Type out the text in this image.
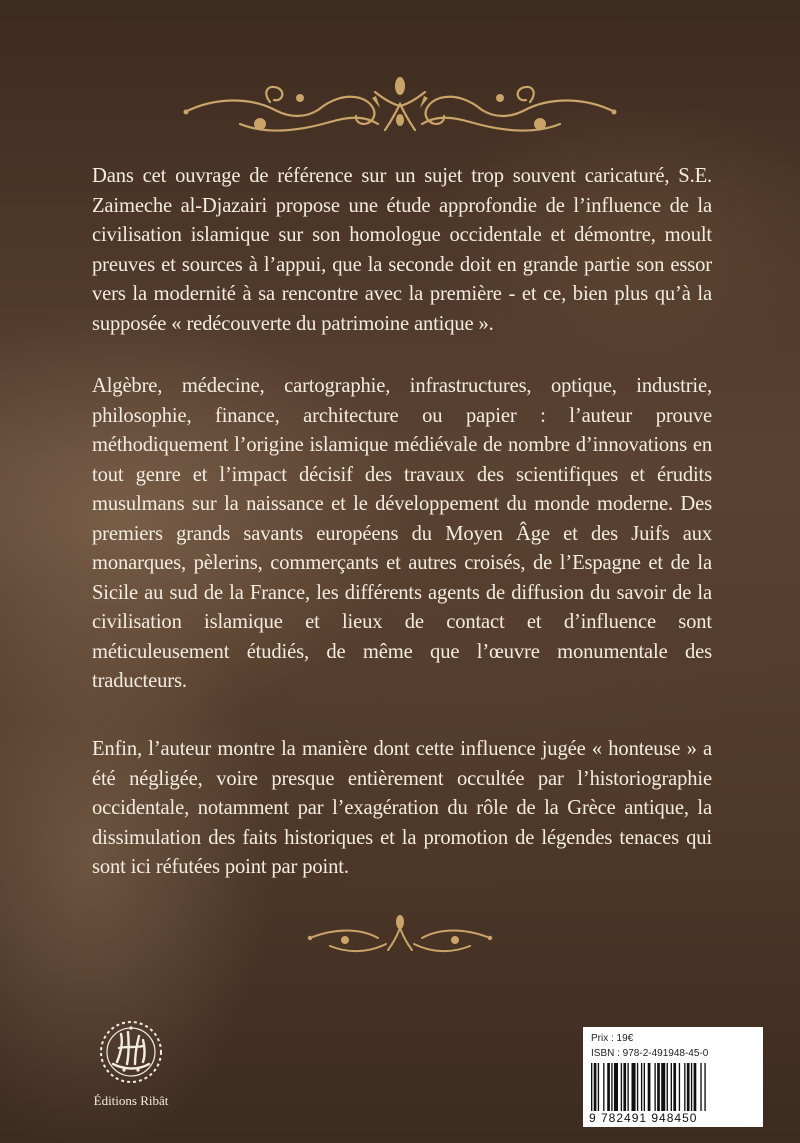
Dans cet ouvrage de référence sur un sujet trop souvent caricaturé, S.E. Zaimeche al-Djazairi propose une étude approfondie de l’influence de la civilisation islamique sur son homologue occidentale et démontre, moult preuves et sources à l’appui, que la seconde doit en grande partie son essor vers la modernité à sa rencontre avec la première - et ce, bien plus qu’à la supposée « redécouverte du patrimoine antique ».

Algèbre, médecine, cartographie, infrastructures, optique, industrie, philosophie, finance, architecture ou papier : l’auteur prouve méthodiquement l’origine islamique médiévale de nombre d’innovations en tout genre et l’impact décisif des travaux des scientifiques et érudits musulmans sur la naissance et le développement du monde moderne. Des premiers grands savants européens du Moyen Âge et des Juifs aux monarques, pèlerins, commerçants et autres croisés, de l’Espagne et de la Sicile au sud de la France, les différents agents de diffusion du savoir de la civilisation islamique et lieux de contact et d’influence sont méticuleusement étudiés, de même que l’œuvre monumentale des traducteurs.

Enfin, l’auteur montre la manière dont cette influence jugée « honteuse » a été négligée, voire presque entièrement occultée par l’historiographie occidentale, notamment par l’exagération du rôle de la Grèce antique, la dissimulation des faits historiques et la promotion de légendes tenaces qui sont ici réfutées point par point.

Éditions Ribât
Prix : 19€
ISBN : 978-2-491948-45-0
9 782491 948450
